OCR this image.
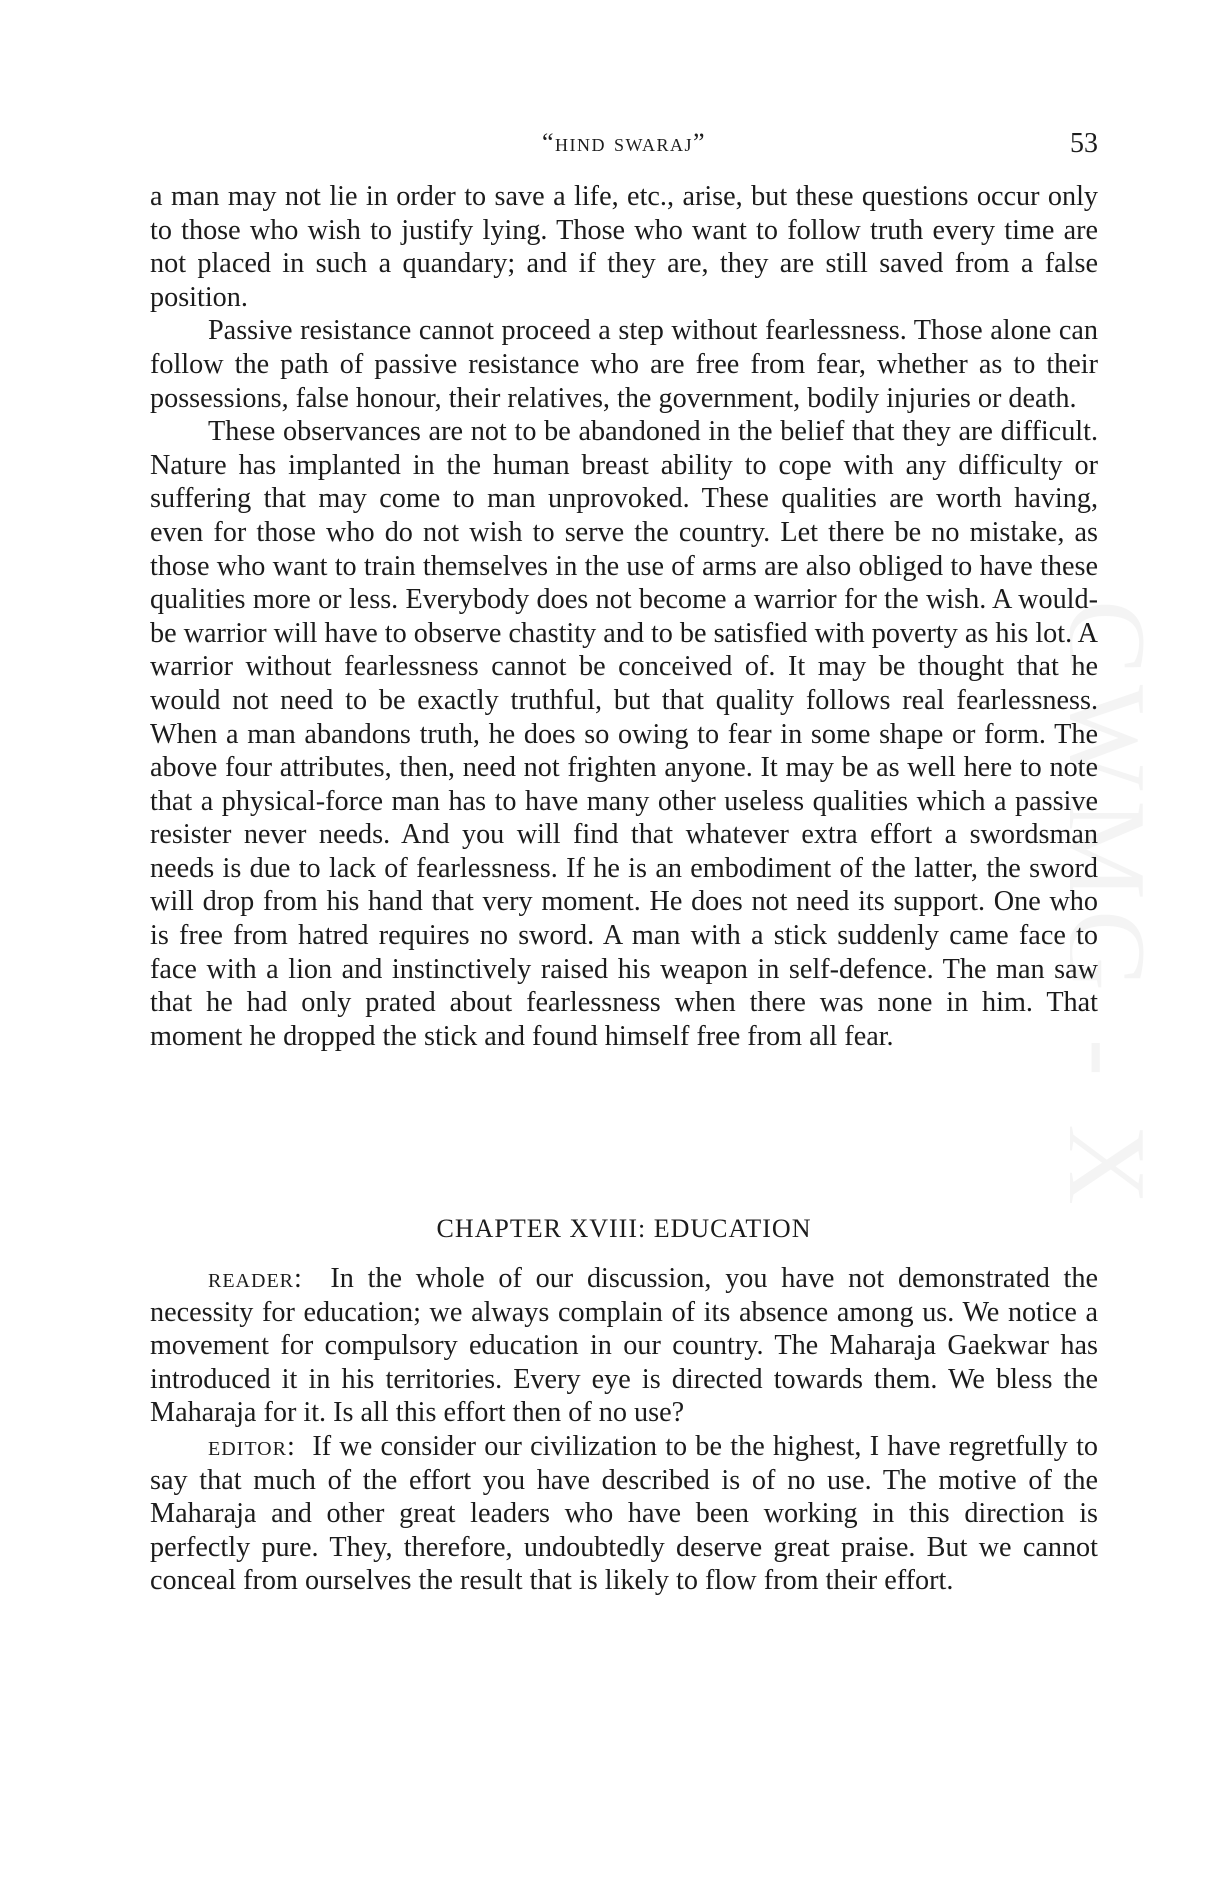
“hind swaraj”	53

a man may not lie in order to save a life, etc., arise, but these questions occur only to those who wish to justify lying. Those who want to follow truth every time are not placed in such a quandary; and if they are, they are still saved from a false position.

Passive resistance cannot proceed a step without fearlessness. Those alone can follow the path of passive resistance who are free from fear, whether as to their possessions, false honour, their relatives, the government, bodily injuries or death.

These observances are not to be abandoned in the belief that they are difficult. Nature has implanted in the human breast ability to cope with any difficulty or suffering that may come to man unprovoked. These qualities are worth having, even for those who do not wish to serve the country. Let there be no mistake, as those who want to train themselves in the use of arms are also obliged to have these qualities more or less. Everybody does not become a warrior for the wish. A would-be warrior will have to observe chastity and to be satisfied with poverty as his lot. A warrior without fearlessness cannot be conceived of. It may be thought that he would not need to be exactly truthful, but that quality follows real fearlessness. When a man abandons truth, he does so owing to fear in some shape or form. The above four attributes, then, need not frighten anyone. It may be as well here to note that a physical-force man has to have many other useless qualities which a passive resister never needs. And you will find that whatever extra effort a swordsman needs is due to lack of fearlessness. If he is an embodiment of the latter, the sword will drop from his hand that very moment. He does not need its support. One who is free from hatred requires no sword. A man with a stick suddenly came face to face with a lion and instinctively raised his weapon in self-defence. The man saw that he had only prated about fearlessness when there was none in him. That moment he dropped the stick and found himself free from all fear.

CHAPTER XVIII: EDUCATION

reader: In the whole of our discussion, you have not demonstrated the necessity for education; we always complain of its absence among us. We notice a movement for compulsory education in our country. The Maharaja Gaekwar has introduced it in his territories. Every eye is directed towards them. We bless the Maharaja for it. Is all this effort then of no use?

editor: If we consider our civilization to be the highest, I have regretfully to say that much of the effort you have described is of no use. The motive of the Maharaja and other great leaders who have been working in this direction is perfectly pure. They, therefore, undoubtedly deserve great praise. But we cannot conceal from ourselves the result that is likely to flow from their effort.
